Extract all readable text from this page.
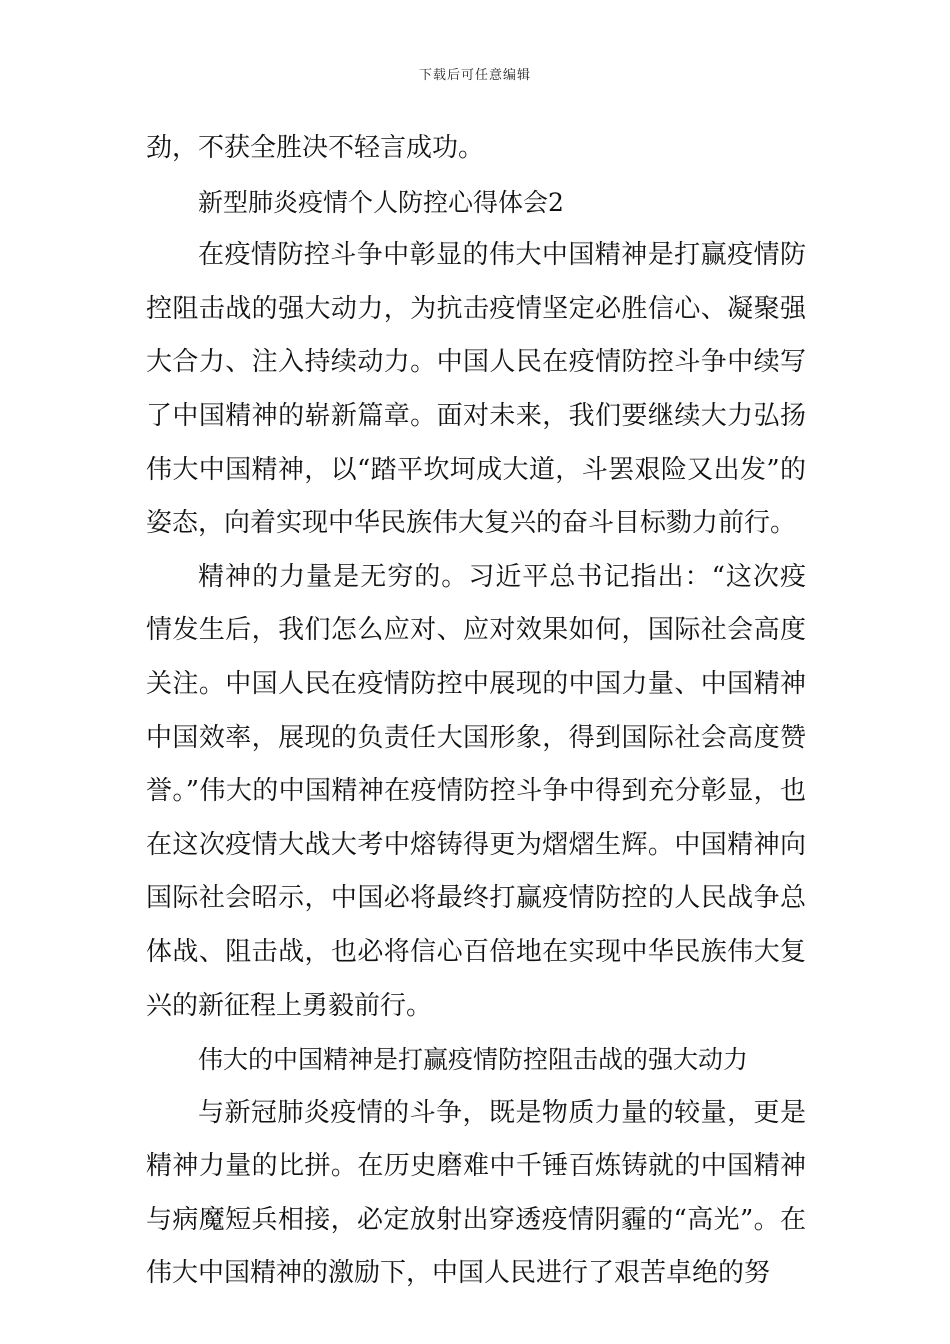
下载后可任意编辑

劲，不获全胜决不轻言成功。

新型肺炎疫情个人防控心得体会2

在疫情防控斗争中彰显的伟大中国精神是打赢疫情防控阻击战的强大动力，为抗击疫情坚定必胜信心、凝聚强大合力、注入持续动力。中国人民在疫情防控斗争中续写了中国精神的崭新篇章。面对未来，我们要继续大力弘扬伟大中国精神，以“踏平坎坷成大道，斗罢艰险又出发”的姿态，向着实现中华民族伟大复兴的奋斗目标勠力前行。

精神的力量是无穷的。习近平总书记指出：“这次疫情发生后，我们怎么应对、应对效果如何，国际社会高度关注。中国人民在疫情防控中展现的中国力量、中国精神中国效率，展现的负责任大国形象，得到国际社会高度赞誉。”伟大的中国精神在疫情防控斗争中得到充分彰显，也在这次疫情大战大考中熔铸得更为熠熠生辉。中国精神向国际社会昭示，中国必将最终打赢疫情防控的人民战争总体战、阻击战，也必将信心百倍地在实现中华民族伟大复兴的新征程上勇毅前行。

伟大的中国精神是打赢疫情防控阻击战的强大动力

与新冠肺炎疫情的斗争，既是物质力量的较量，更是精神力量的比拼。在历史磨难中千锤百炼铸就的中国精神与病魔短兵相接，必定放射出穿透疫情阴霾的“高光”。在伟大中国精神的激励下，中国人民进行了艰苦卓绝的努
